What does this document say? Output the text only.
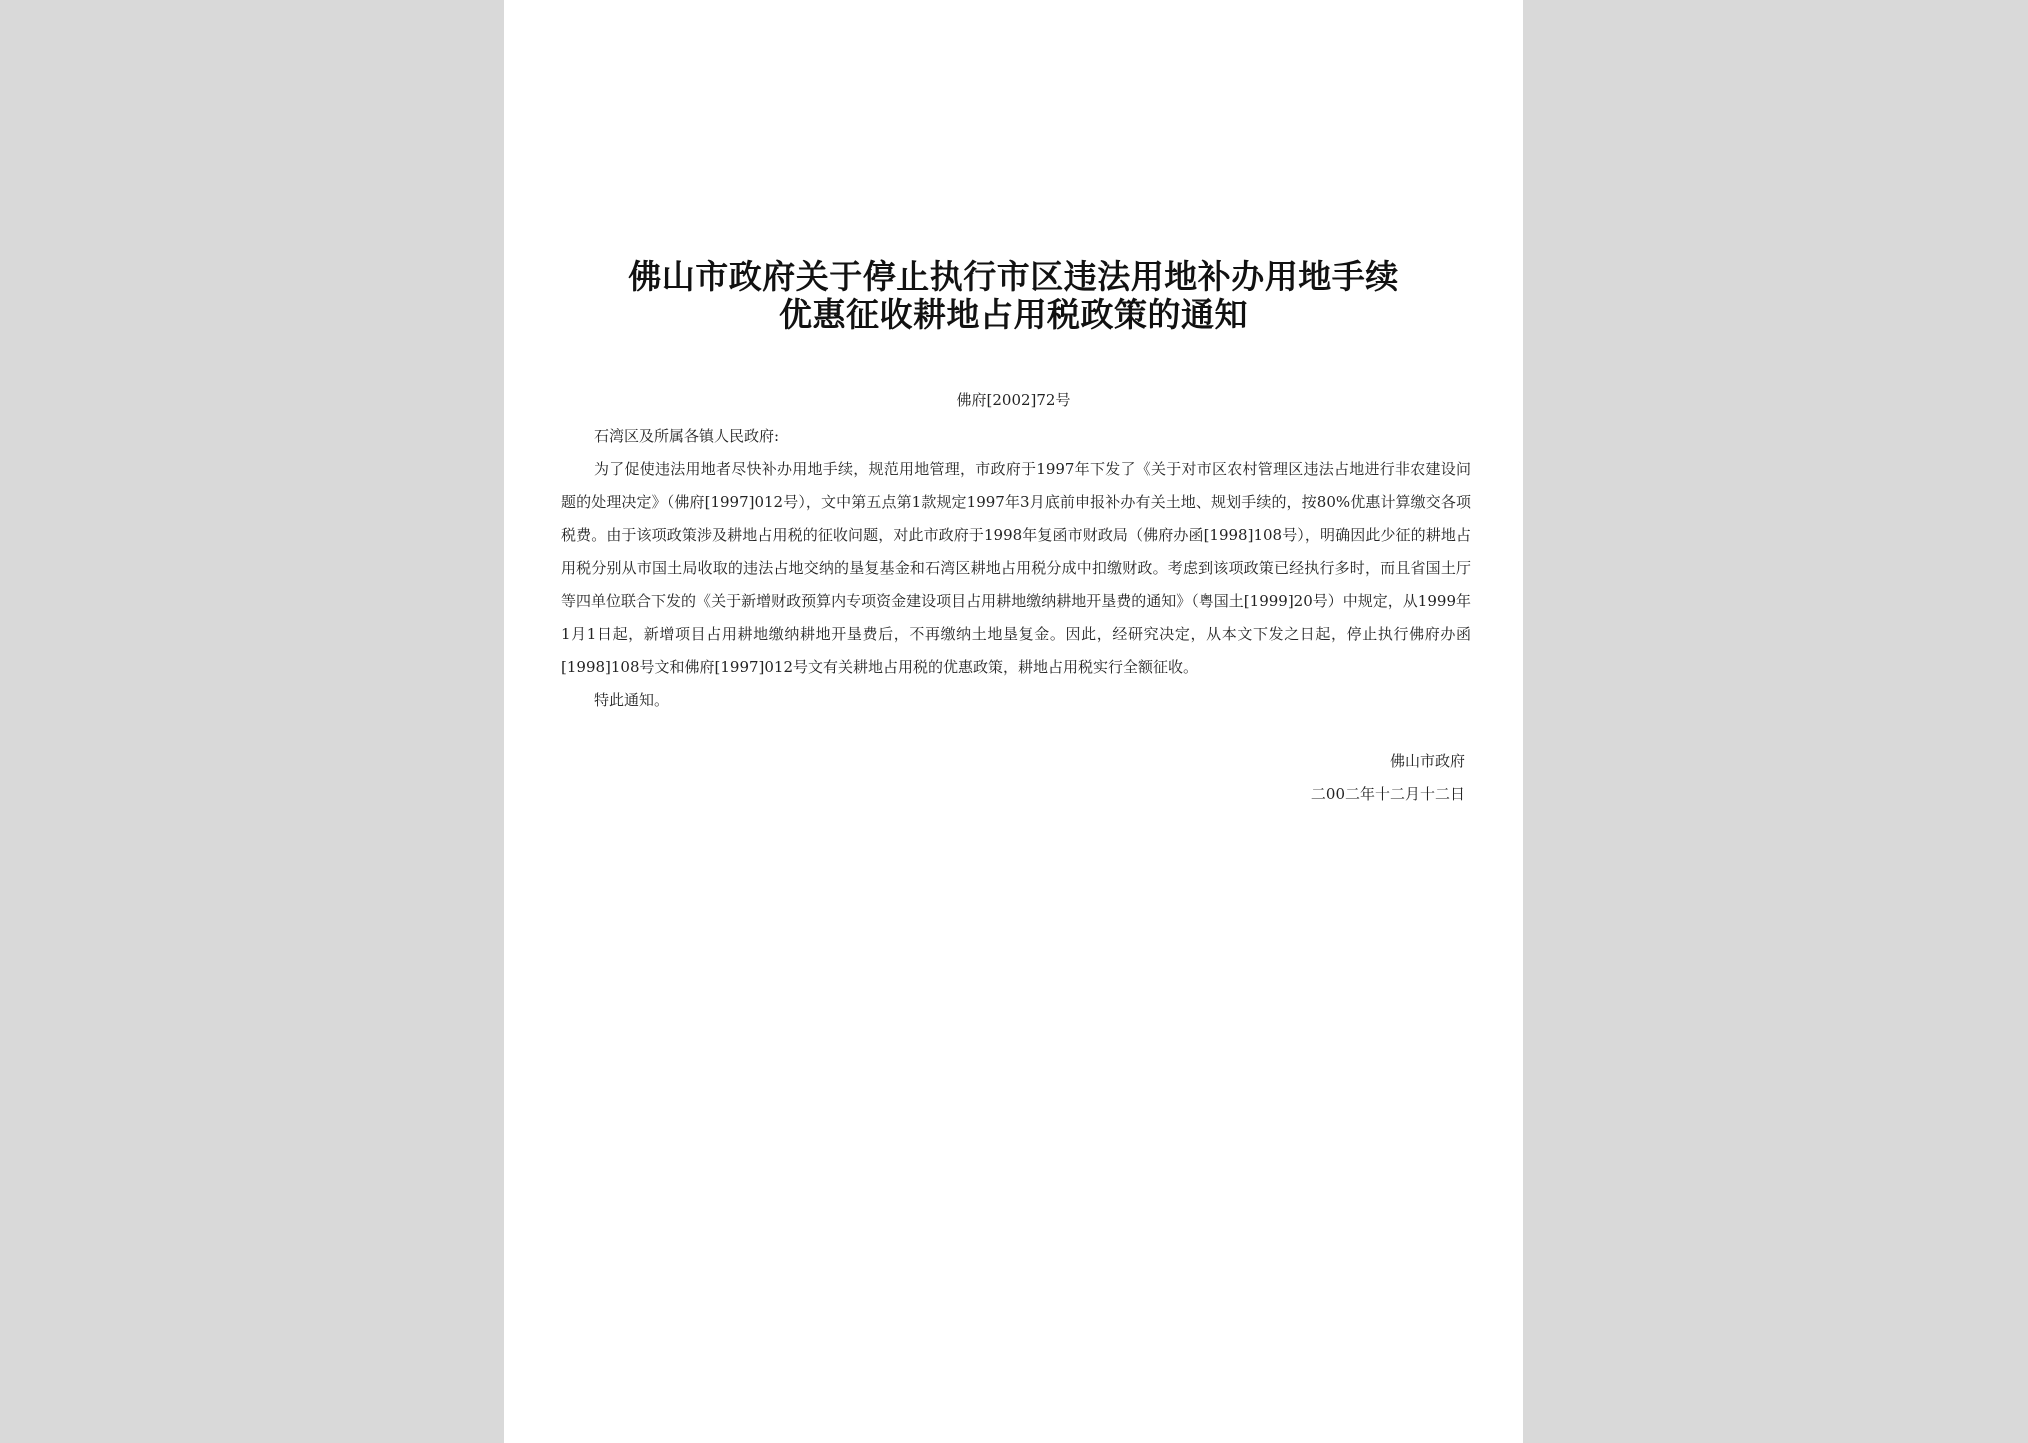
佛山市政府关于停止执行市区违法用地补办用地手续
优惠征收耕地占用税政策的通知
佛府[2002]72号

石湾区及所属各镇人民政府:

为了促使违法用地者尽快补办用地手续，规范用地管理，市政府于1997年下发了《关于对市区农村管理区违法占地进行非农建设问题的处理决定》（佛府[1997]012号），文中第五点第1款规定1997年3月底前申报补办有关土地、规划手续的，按80%优惠计算缴交各项税费。由于该项政策涉及耕地占用税的征收问题，对此市政府于1998年复函市财政局（佛府办函[1998]108号），明确因此少征的耕地占用税分别从市国土局收取的违法占地交纳的垦复基金和石湾区耕地占用税分成中扣缴财政。考虑到该项政策已经执行多时，而且省国土厅等四单位联合下发的《关于新增财政预算内专项资金建设项目占用耕地缴纳耕地开垦费的通知》（粤国土[1999]20号）中规定，从1999年1月1日起，新增项目占用耕地缴纳耕地开垦费后，不再缴纳土地垦复金。因此，经研究决定，从本文下发之日起，停止执行佛府办函[1998]108号文和佛府[1997]012号文有关耕地占用税的优惠政策，耕地占用税实行全额征收。

特此通知。

佛山市政府
二00二年十二月十二日
